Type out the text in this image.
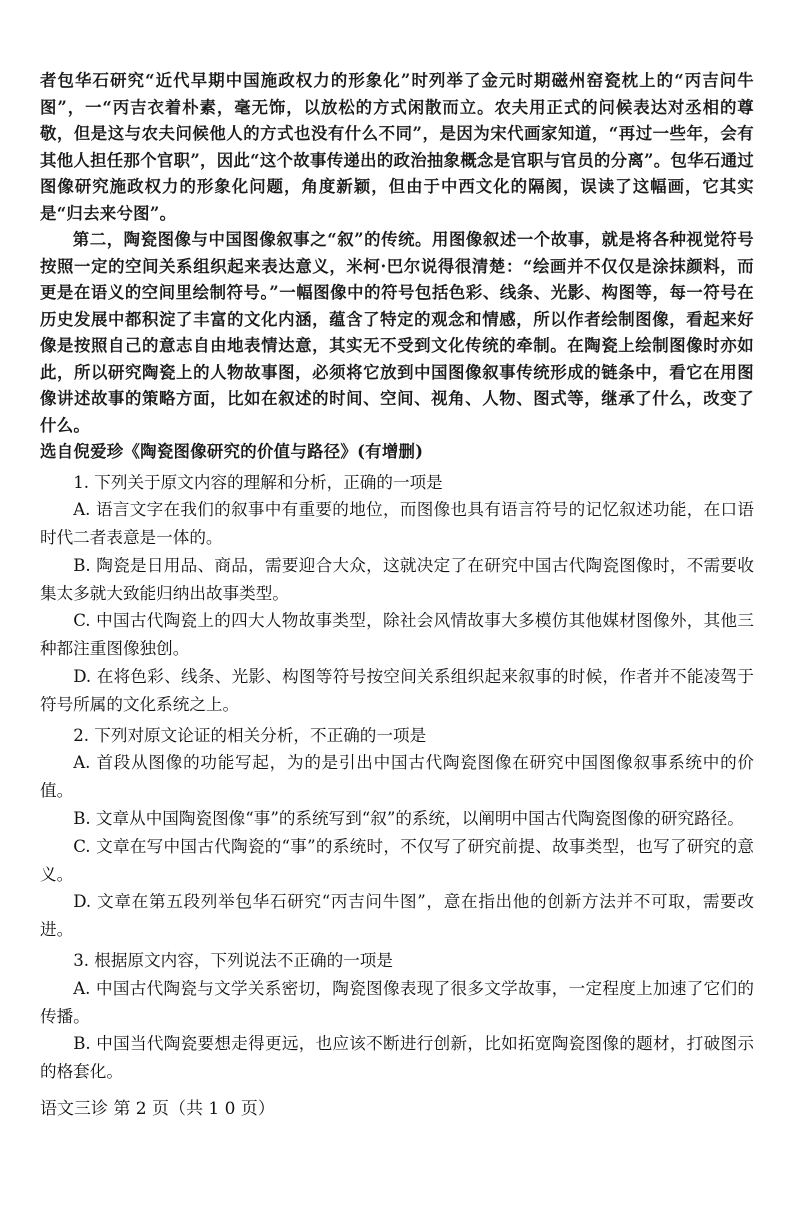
者包华石研究“近代早期中国施政权力的形象化”时列举了金元时期磁州窑瓷枕上的“丙吉问牛图”，一“丙吉衣着朴素，毫无饰，以放松的方式闲散而立。农夫用正式的问候表达对丞相的尊敬，但是这与农夫问候他人的方式也没有什么不同”，是因为宋代画家知道，“再过一些年，会有其他人担任那个官职”，因此“这个故事传递出的政治抽象概念是官职与官员的分离”。包华石通过图像研究施政权力的形象化问题，角度新颖，但由于中西文化的隔阂，误读了这幅画，它其实是“归去来兮图”。

第二，陶瓷图像与中国图像叙事之“叙”的传统。用图像叙述一个故事，就是将各种视觉符号按照一定的空间关系组织起来表达意义，米柯·巴尔说得很清楚：“绘画并不仅仅是涂抹颜料，而更是在语义的空间里绘制符号。”一幅图像中的符号包括色彩、线条、光影、构图等，每一符号在历史发展中都积淀了丰富的文化内涵，蕴含了特定的观念和情感，所以作者绘制图像，看起来好像是按照自己的意志自由地表情达意，其实无不受到文化传统的牵制。在陶瓷上绘制图像时亦如此，所以研究陶瓷上的人物故事图，必须将它放到中国图像叙事传统形成的链条中，看它在用图像讲述故事的策略方面，比如在叙述的时间、空间、视角、人物、图式等，继承了什么，改变了什么。

选自倪爱珍《陶瓷图像研究的价值与路径》(有增删)

1. 下列关于原文内容的理解和分析，正确的一项是

A. 语言文字在我们的叙事中有重要的地位，而图像也具有语言符号的记忆叙述功能，在口语时代二者表意是一体的。

B. 陶瓷是日用品、商品，需要迎合大众，这就决定了在研究中国古代陶瓷图像时，不需要收集太多就大致能归纳出故事类型。

C. 中国古代陶瓷上的四大人物故事类型，除社会风情故事大多模仿其他媒材图像外，其他三种都注重图像独创。

D. 在将色彩、线条、光影、构图等符号按空间关系组织起来叙事的时候，作者并不能凌驾于符号所属的文化系统之上。

2. 下列对原文论证的相关分析，不正确的一项是

A. 首段从图像的功能写起，为的是引出中国古代陶瓷图像在研究中国图像叙事系统中的价值。

B. 文章从中国陶瓷图像“事”的系统写到“叙”的系统，以阐明中国古代陶瓷图像的研究路径。

C. 文章在写中国古代陶瓷的“事”的系统时，不仅写了研究前提、故事类型，也写了研究的意义。

D. 文章在第五段列举包华石研究“丙吉问牛图”，意在指出他的创新方法并不可取，需要改进。

3. 根据原文内容，下列说法不正确的一项是

A. 中国古代陶瓷与文学关系密切，陶瓷图像表现了很多文学故事，一定程度上加速了它们的传播。

B. 中国当代陶瓷要想走得更远，也应该不断进行创新，比如拓宽陶瓷图像的题材，打破图示的格套化。

语文三诊 第 2 页（共 1 0 页）
